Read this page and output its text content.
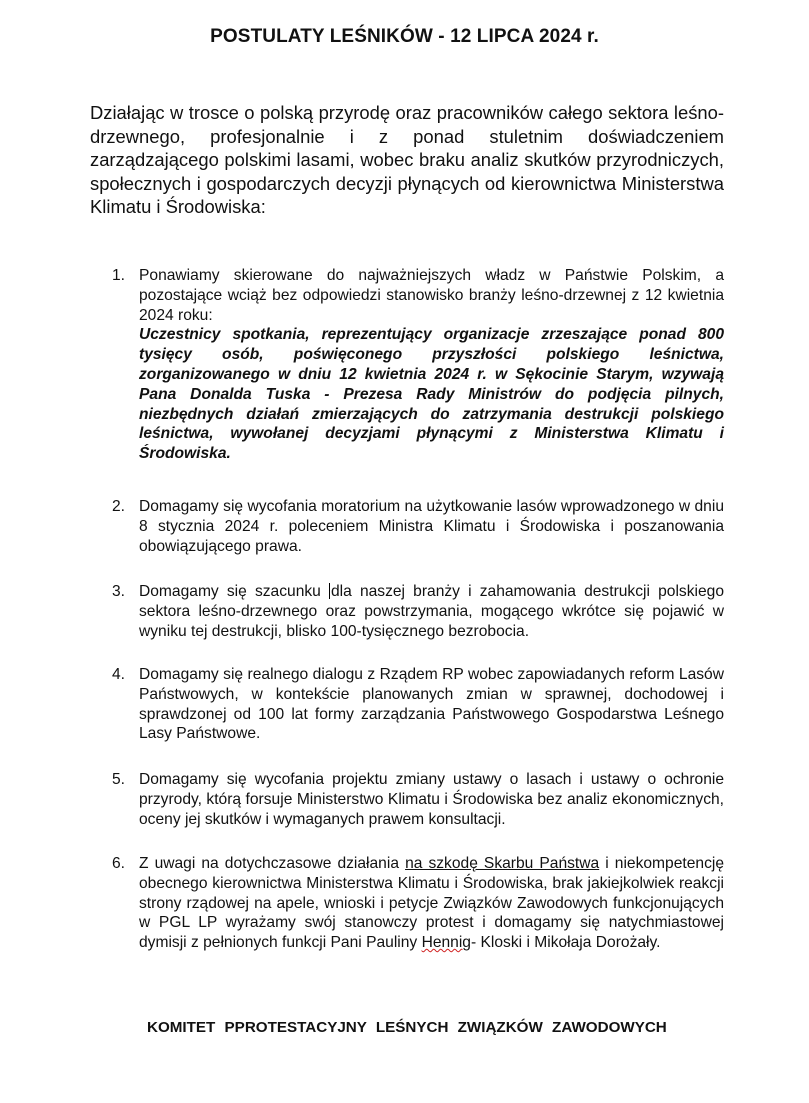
POSTULATY LEŚNIKÓW - 12 LIPCA 2024 r.
Działając w trosce o polską przyrodę oraz pracowników całego sektora leśno-drzewnego, profesjonalnie i z ponad stuletnim doświadczeniem zarządzającego polskimi lasami, wobec braku analiz skutków przyrodniczych, społecznych i gospodarczych decyzji płynących od kierownictwa Ministerstwa Klimatu i Środowiska:
1. Ponawiamy skierowane do najważniejszych władz w Państwie Polskim, a pozostające wciąż bez odpowiedzi stanowisko branży leśno-drzewnej z 12 kwietnia 2024 roku:
Uczestnicy spotkania, reprezentujący organizacje zrzeszające ponad 800 tysięcy osób, poświęconego przyszłości polskiego leśnictwa, zorganizowanego w dniu 12 kwietnia 2024 r. w Sękocinie Starym, wzywają Pana Donalda Tuska - Prezesa Rady Ministrów do podjęcia pilnych, niezbędnych działań zmierzających do zatrzymania destrukcji polskiego leśnictwa, wywołanej decyzjami płynącymi z Ministerstwa Klimatu i Środowiska.
2. Domagamy się wycofania moratorium na użytkowanie lasów wprowadzonego w dniu 8 stycznia 2024 r. poleceniem Ministra Klimatu i Środowiska i poszanowania obowiązującego prawa.
3. Domagamy się szacunku dla naszej branży i zahamowania destrukcji polskiego sektora leśno-drzewnego oraz powstrzymania, mogącego wkrótce się pojawić w wyniku tej destrukcji, blisko 100-tysięcznego bezrobocia.
4. Domagamy się realnego dialogu z Rządem RP wobec zapowiadanych reform Lasów Państwowych, w kontekście planowanych zmian w sprawnej, dochodowej i sprawdzonej od 100 lat formy zarządzania Państwowego Gospodarstwa Leśnego Lasy Państwowe.
5. Domagamy się wycofania projektu zmiany ustawy o lasach i ustawy o ochronie przyrody, którą forsuje Ministerstwo Klimatu i Środowiska bez analiz ekonomicznych, oceny jej skutków i wymaganych prawem konsultacji.
6. Z uwagi na dotychczasowe działania na szkodę Skarbu Państwa i niekompetencję obecnego kierownictwa Ministerstwa Klimatu i Środowiska, brak jakiejkolwiek reakcji strony rządowej na apele, wnioski i petycje Związków Zawodowych funkcjonujących w PGL LP wyrażamy swój stanowczy protest i domagamy się natychmiastowej dymisji z pełnionych funkcji Pani Pauliny Hennig- Kloski i Mikołaja Dorożały.
KOMITET PPROTESTACYJNY LEŚNYCH ZWIĄZKÓW ZAWODOWYCH
